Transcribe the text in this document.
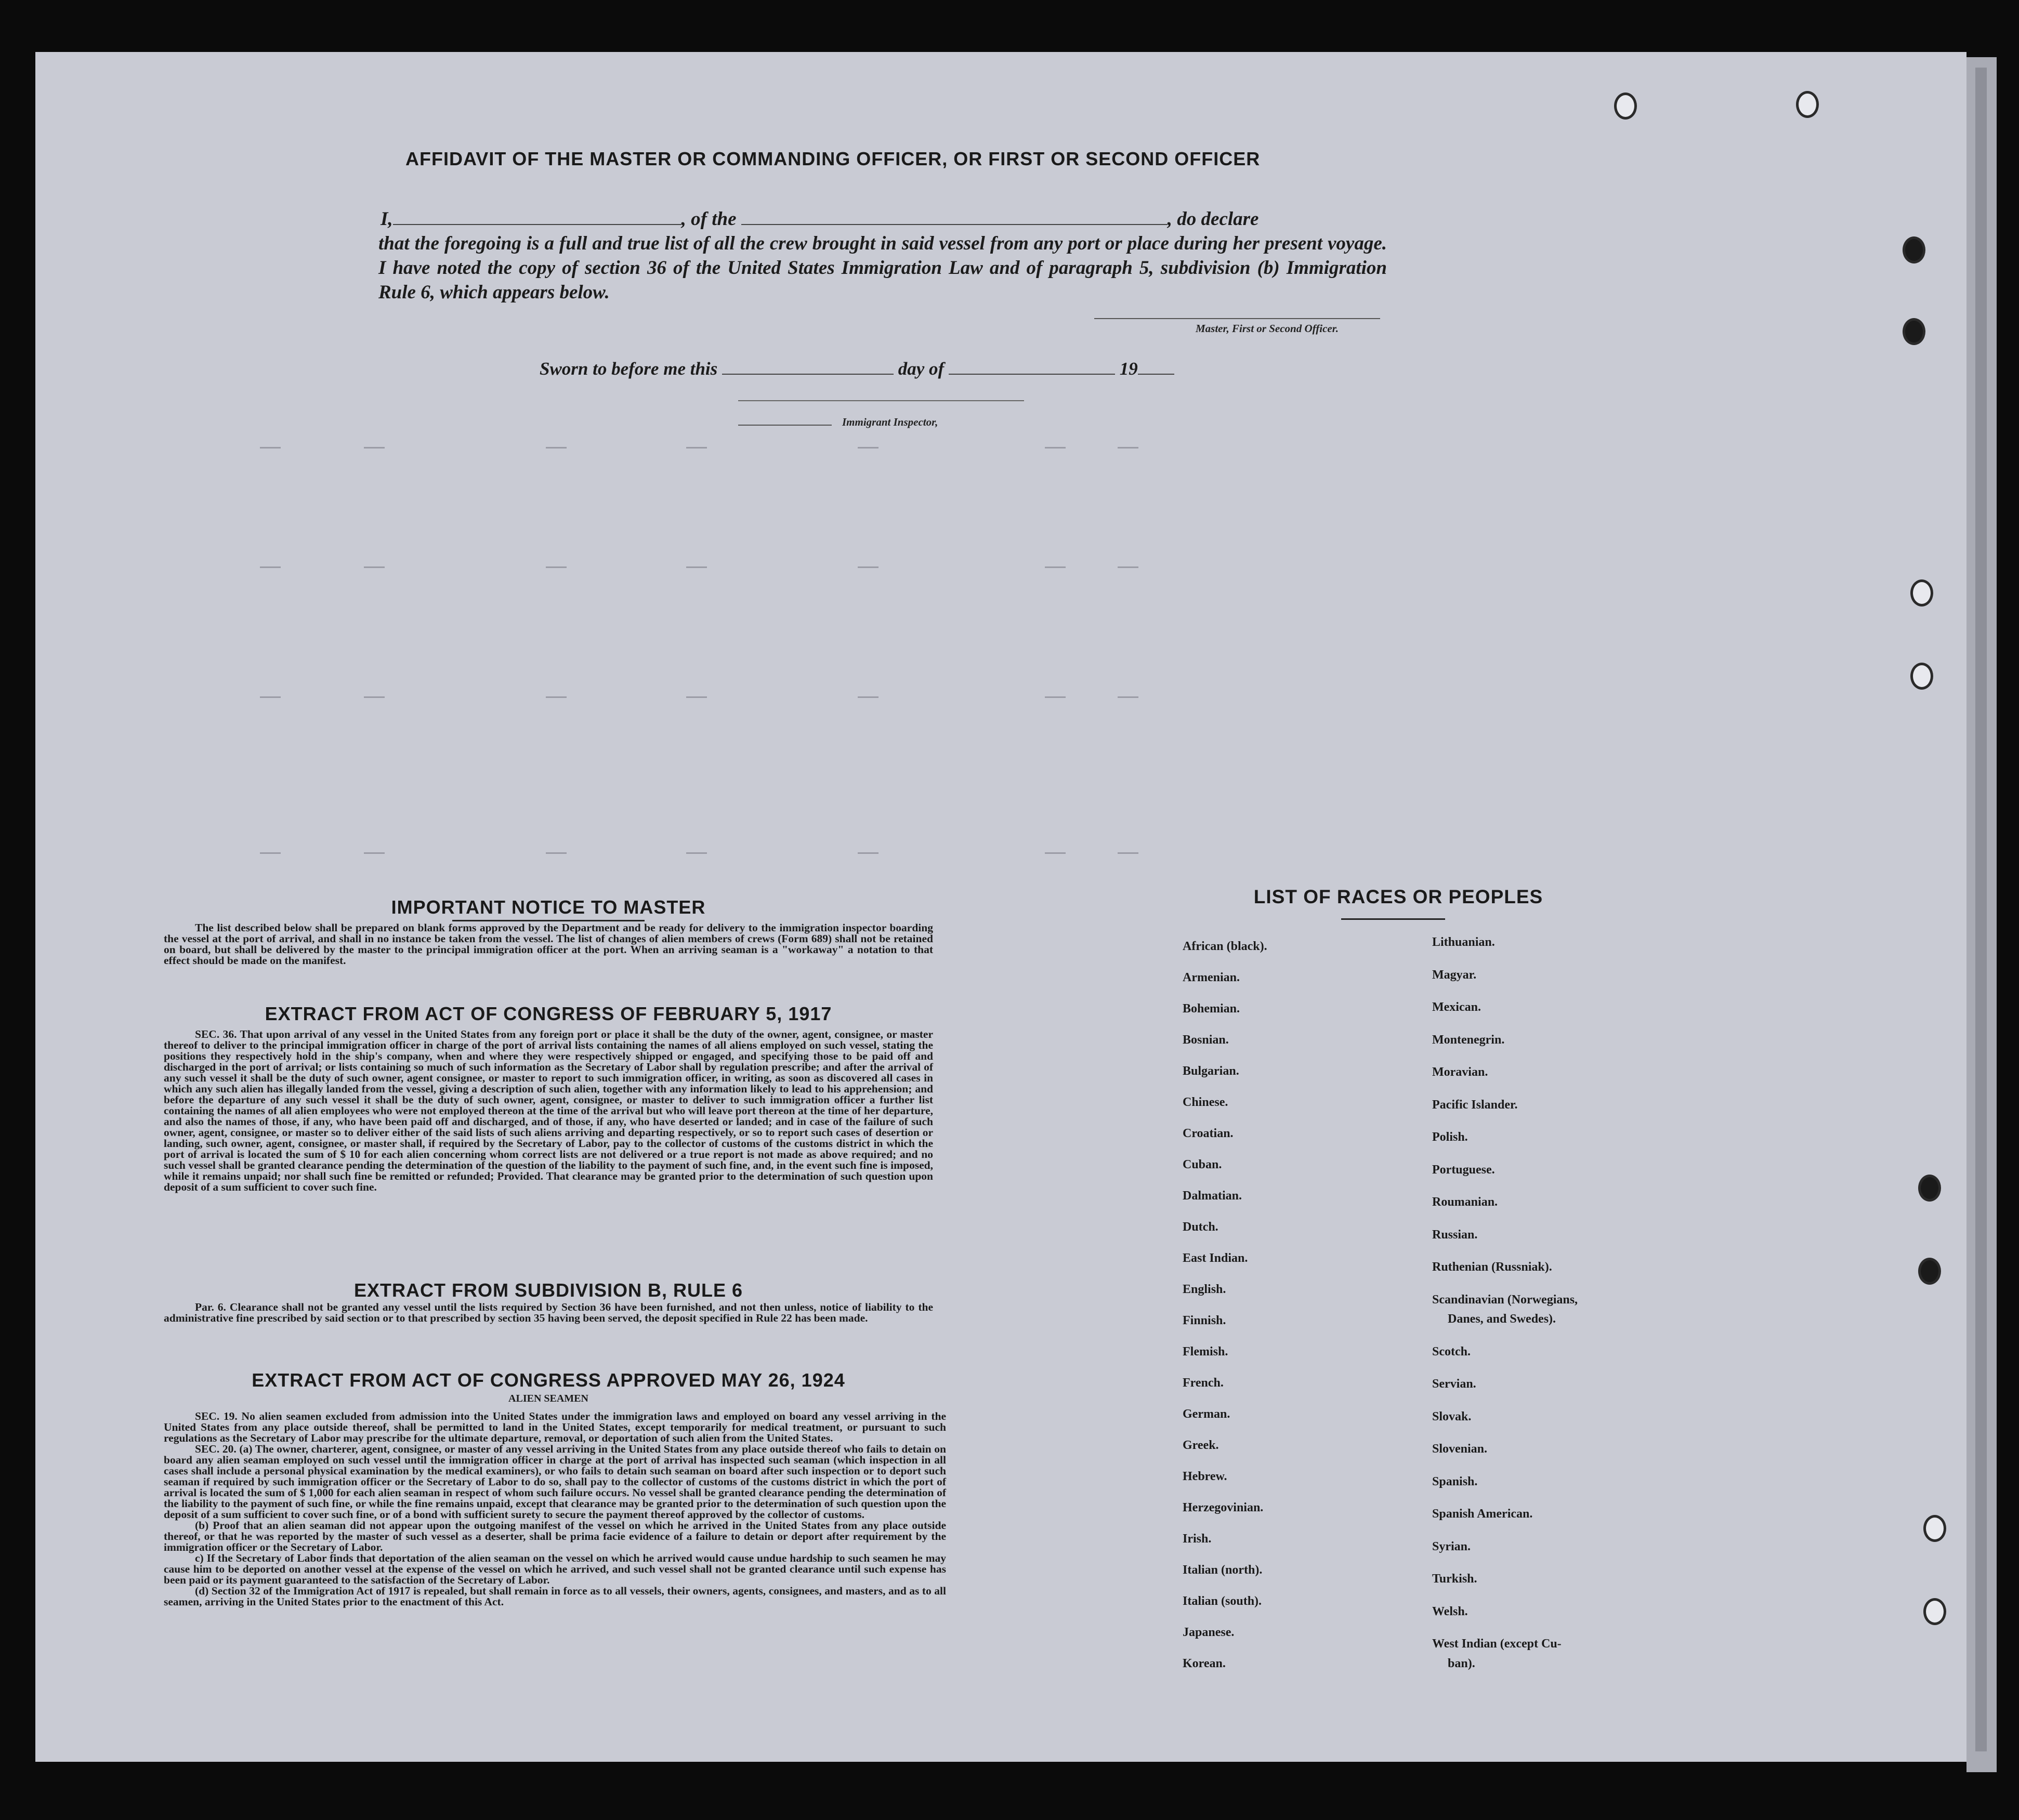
AFFIDAVIT OF THE MASTER OR COMMANDING OFFICER, OR FIRST OR SECOND OFFICER
I,	, of the	, do declare
that the foregoing is a full and true list of all the crew brought in said vessel from any port or place during her present voyage. I have noted the copy of section 36 of the United States Immigration Law and of paragraph 5, subdivision (b) Immigration Rule 6, which appears below.
Master, First or Second Officer.
Sworn to before me this	day of	19
Immigrant Inspector,
IMPORTANT NOTICE TO MASTER

The list described below shall be prepared on blank forms approved by the Department and be ready for delivery to the immigration inspector boarding the vessel at the port of arrival, and shall in no instance be taken from the vessel. The list of changes of alien members of crews (Form 689) shall not be retained on board, but shall be delivered by the master to the principal immigration officer at the port. When an arriving seaman is a "workaway" a notation to that effect should be made on the manifest.

EXTRACT FROM ACT OF CONGRESS OF FEBRUARY 5, 1917

SEC. 36. That upon arrival of any vessel in the United States from any foreign port or place it shall be the duty of the owner, agent, consignee, or master thereof to deliver to the principal immigration officer in charge of the port of arrival lists containing the names of all aliens employed on such vessel, stating the positions they respectively hold in the ship's company, when and where they were respectively shipped or engaged, and specifying those to be paid off and discharged in the port of arrival; or lists containing so much of such information as the Secretary of Labor shall by regulation prescribe; and after the arrival of any such vessel it shall be the duty of such owner, agent consignee, or master to report to such immigration officer, in writing, as soon as discovered all cases in which any such alien has illegally landed from the vessel, giving a description of such alien, together with any information likely to lead to his apprehension; and before the departure of any such vessel it shall be the duty of such owner, agent, consignee, or master to deliver to such immigration officer a further list containing the names of all alien employees who were not employed thereon at the time of the arrival but who will leave port thereon at the time of her departure, and also the names of those, if any, who have been paid off and discharged, and of those, if any, who have deserted or landed; and in case of the failure of such owner, agent, consignee, or master so to deliver either of the said lists of such aliens arriving and departing respectively, or so to report such cases of desertion or landing, such owner, agent, consignee, or master shall, if required by the Secretary of Labor, pay to the collector of customs of the customs district in which the port of arrival is located the sum of $ 10 for each alien concerning whom correct lists are not delivered or a true report is not made as above required; and no such vessel shall be granted clearance pending the determination of the question of the liability to the payment of such fine, and, in the event such fine is imposed, while it remains unpaid; nor shall such fine be remitted or refunded; Provided. That clearance may be granted prior to the determination of such question upon deposit of a sum sufficient to cover such fine.

EXTRACT FROM SUBDIVISION B, RULE 6

Par. 6. Clearance shall not be granted any vessel until the lists required by Section 36 have been furnished, and not then unless, notice of liability to the administrative fine prescribed by said section or to that prescribed by section 35 having been served, the deposit specified in Rule 22 has been made.

EXTRACT FROM ACT OF CONGRESS APPROVED MAY 26, 1924
ALIEN SEAMEN

SEC. 19. No alien seamen excluded from admission into the United States under the immigration laws and employed on board any vessel arriving in the United States from any place outside thereof, shall be permitted to land in the United States, except temporarily for medical treatment, or pursuant to such regulations as the Secretary of Labor may prescribe for the ultimate departure, removal, or deportation of such alien from the United States.

SEC. 20. (a) The owner, charterer, agent, consignee, or master of any vessel arriving in the United States from any place outside thereof who fails to detain on board any alien seaman employed on such vessel until the immigration officer in charge at the port of arrival has inspected such seaman (which inspection in all cases shall include a personal physical examination by the medical examiners), or who fails to detain such seaman on board after such inspection or to deport such seaman if required by such immigration officer or the Secretary of Labor to do so, shall pay to the collector of customs of the customs district in which the port of arrival is located the sum of $ 1,000 for each alien seaman in respect of whom such failure occurs. No vessel shall be granted clearance pending the determination of the liability to the payment of such fine, or while the fine remains unpaid, except that clearance may be granted prior to the determination of such question upon the deposit of a sum sufficient to cover such fine, or of a bond with sufficient surety to secure the payment thereof approved by the collector of customs.

(b) Proof that an alien seaman did not appear upon the outgoing manifest of the vessel on which he arrived in the United States from any place outside thereof, or that he was reported by the master of such vessel as a deserter, shall be prima facie evidence of a failure to detain or deport after requirement by the immigration officer or the Secretary of Labor.

c) If the Secretary of Labor finds that deportation of the alien seaman on the vessel on which he arrived would cause undue hardship to such seamen he may cause him to be deported on another vessel at the expense of the vessel on which he arrived, and such vessel shall not be granted clearance until such expense has been paid or its payment guaranteed to the satisfaction of the Secretary of Labor.

(d) Section 32 of the Immigration Act of 1917 is repealed, but shall remain in force as to all vessels, their owners, agents, consignees, and masters, and as to all seamen, arriving in the United States prior to the enactment of this Act.

LIST OF RACES OR PEOPLES
African (black).
Armenian.
Bohemian.
Bosnian.
Bulgarian.
Chinese.
Croatian.
Cuban.
Dalmatian.
Dutch.
East Indian.
English.
Finnish.
Flemish.
French.
German.
Greek.
Hebrew.
Herzegovinian.
Irish.
Italian (north).
Italian (south).
Japanese.
Korean.
Lithuanian.
Magyar.
Mexican.
Montenegrin.
Moravian.
Pacific Islander.
Polish.
Portuguese.
Roumanian.
Russian.
Ruthenian (Russniak).
Scandinavian (Norwegians,
Danes, and Swedes).
Scotch.
Servian.
Slovak.
Slovenian.
Spanish.
Spanish American.
Syrian.
Turkish.
Welsh.
West Indian (except Cu-
ban).
